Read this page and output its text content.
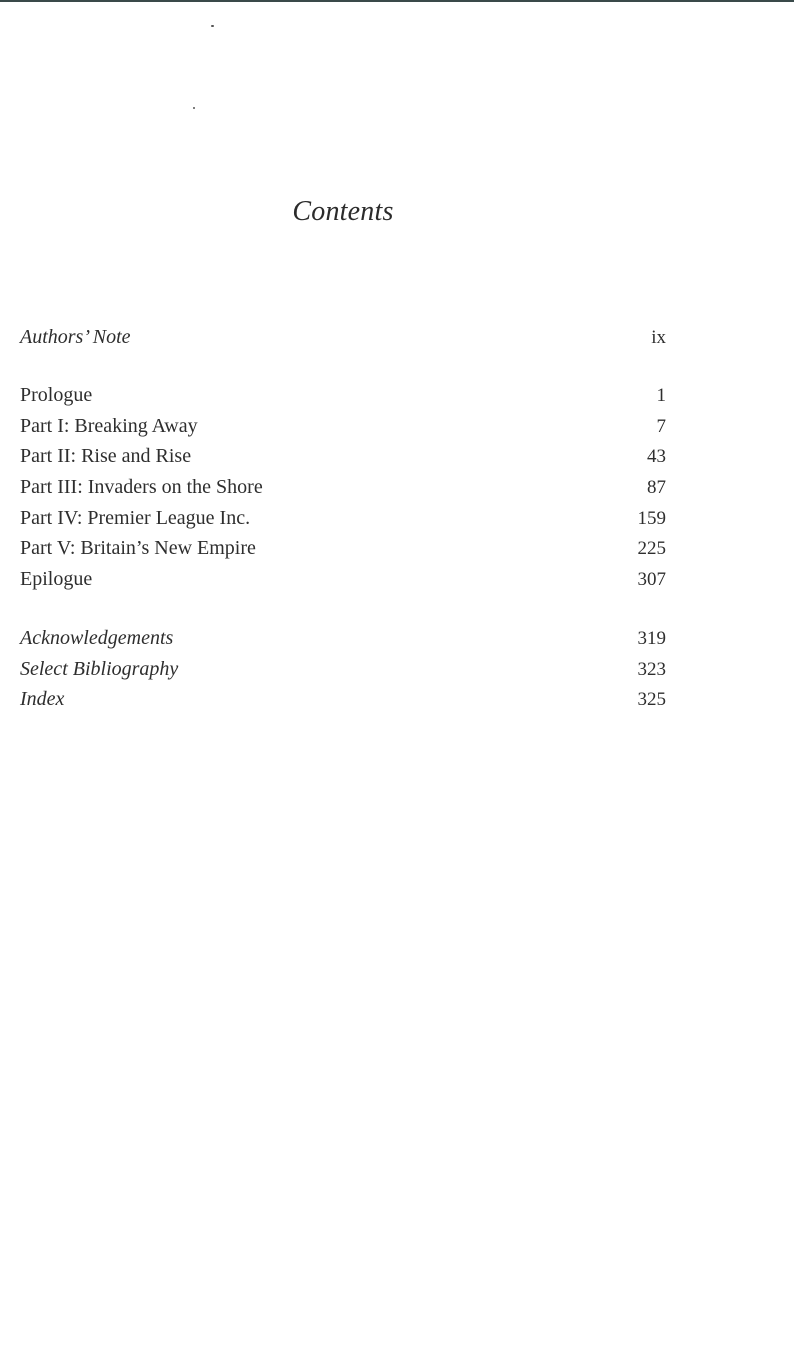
Contents
Authors’ Note	ix
Prologue	1
Part I: Breaking Away	7
Part II: Rise and Rise	43
Part III: Invaders on the Shore	87
Part IV: Premier League Inc.	159
Part V: Britain’s New Empire	225
Epilogue	307
Acknowledgements	319
Select Bibliography	323
Index	325
